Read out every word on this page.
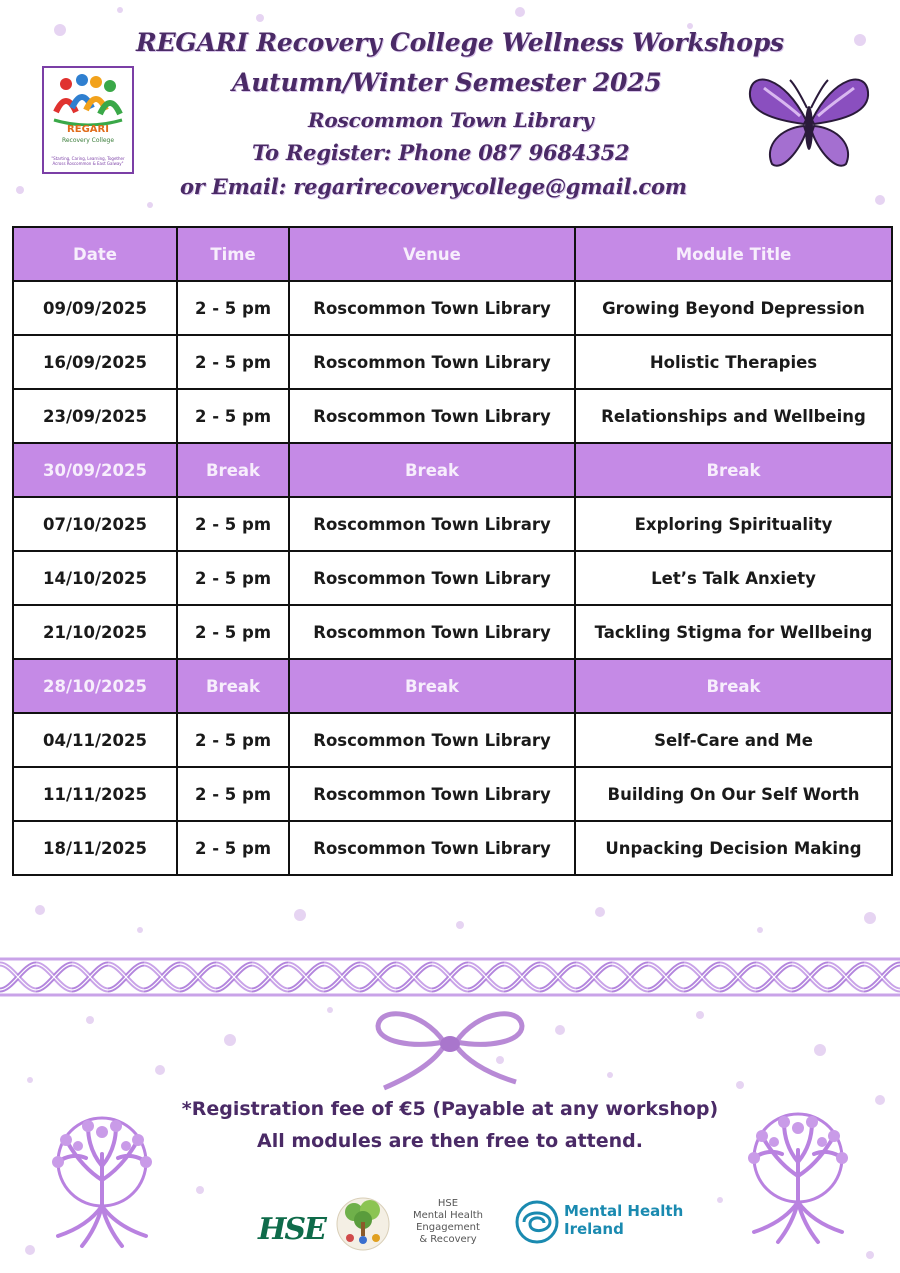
REGARI
Recovery College
"Starting, Caring, Learning, Together Across Roscommon & East Galway"
REGARI Recovery College Wellness Workshops
Autumn/Winter Semester 2025
Roscommon Town Library
To Register: Phone 087 9684352
or Email: regarirecoverycollege@gmail.com
Date	Time	Venue	Module Title
09/09/2025	2 - 5 pm	Roscommon Town Library	Growing Beyond Depression
16/09/2025	2 - 5 pm	Roscommon Town Library	Holistic Therapies
23/09/2025	2 - 5 pm	Roscommon Town Library	Relationships and Wellbeing
30/09/2025	Break	Break	Break
07/10/2025	2 - 5 pm	Roscommon Town Library	Exploring Spirituality
14/10/2025	2 - 5 pm	Roscommon Town Library	Let’s Talk Anxiety
21/10/2025	2 - 5 pm	Roscommon Town Library	Tackling Stigma for Wellbeing
28/10/2025	Break	Break	Break
04/11/2025	2 - 5 pm	Roscommon Town Library	Self-Care and Me
11/11/2025	2 - 5 pm	Roscommon Town Library	Building On Our Self Worth
18/11/2025	2 - 5 pm	Roscommon Town Library	Unpacking Decision Making
*Registration fee of €5 (Payable at any workshop)
All modules are then free to attend.
HSE
HSE
Mental Health
Engagement
& Recovery
Mental Health
Ireland
